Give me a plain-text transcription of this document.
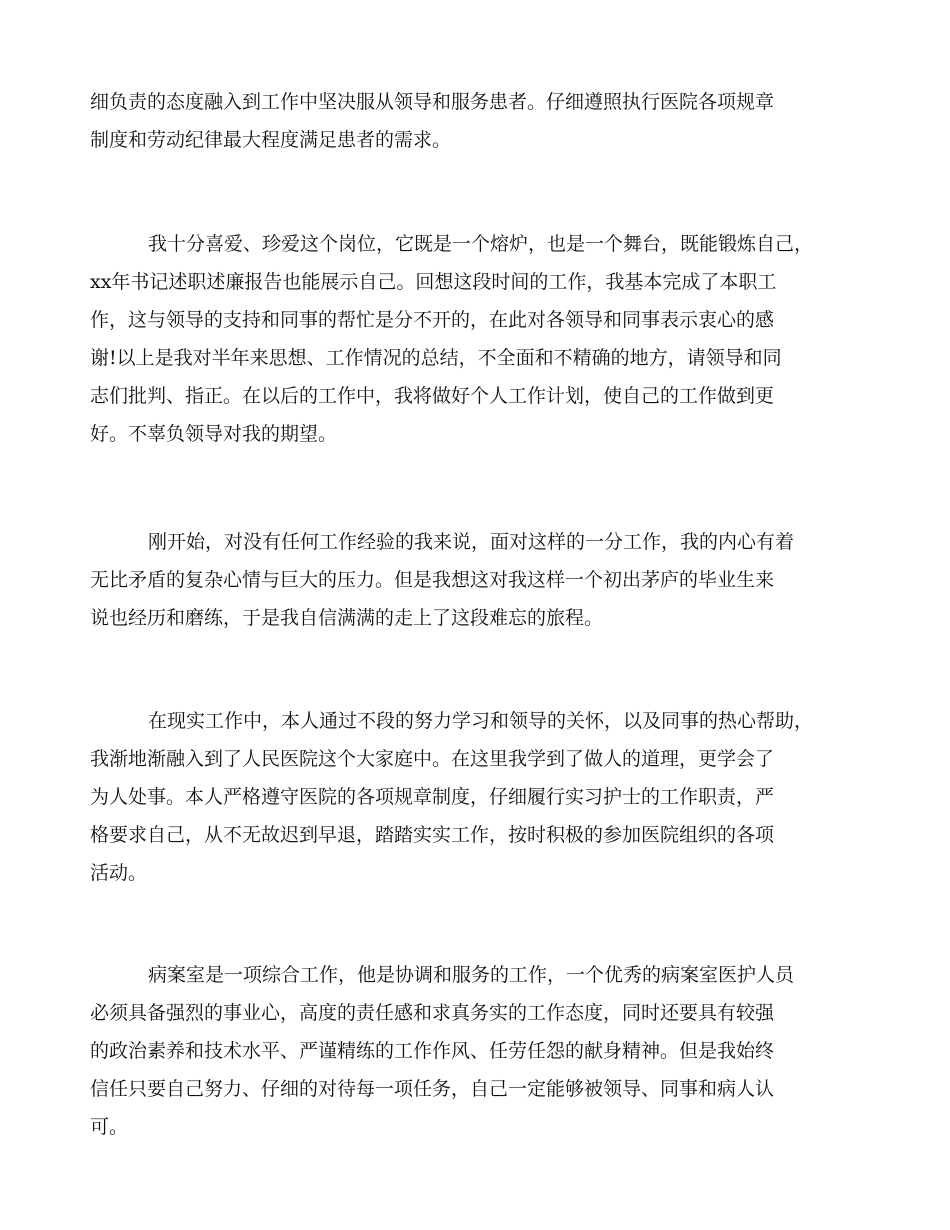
细负责的态度融入到工作中坚决服从领导和服务患者。仔细遵照执行医院各项规章
制度和劳动纪律最大程度满足患者的需求。
我十分喜爱、珍爱这个岗位，它既是一个熔炉，也是一个舞台，既能锻炼自己，
xx年书记述职述廉报告也能展示自己。回想这段时间的工作，我基本完成了本职工
作，这与领导的支持和同事的帮忙是分不开的，在此对各领导和同事表示衷心的感
谢!以上是我对半年来思想、工作情况的总结，不全面和不精确的地方，请领导和同
志们批判、指正。在以后的工作中，我将做好个人工作计划，使自己的工作做到更
好。不辜负领导对我的期望。
刚开始，对没有任何工作经验的我来说，面对这样的一分工作，我的内心有着
无比矛盾的复杂心情与巨大的压力。但是我想这对我这样一个初出茅庐的毕业生来
说也经历和磨练，于是我自信满满的走上了这段难忘的旅程。
在现实工作中，本人通过不段的努力学习和领导的关怀，以及同事的热心帮助，
我渐地渐融入到了人民医院这个大家庭中。在这里我学到了做人的道理，更学会了
为人处事。本人严格遵守医院的各项规章制度，仔细履行实习护士的工作职责，严
格要求自己，从不无故迟到早退，踏踏实实工作，按时积极的参加医院组织的各项
活动。
病案室是一项综合工作，他是协调和服务的工作，一个优秀的病案室医护人员
必须具备强烈的事业心，高度的责任感和求真务实的工作态度，同时还要具有较强
的政治素养和技术水平、严谨精练的工作作风、任劳任怨的献身精神。但是我始终
信任只要自己努力、仔细的对待每一项任务，自己一定能够被领导、同事和病人认
可。
